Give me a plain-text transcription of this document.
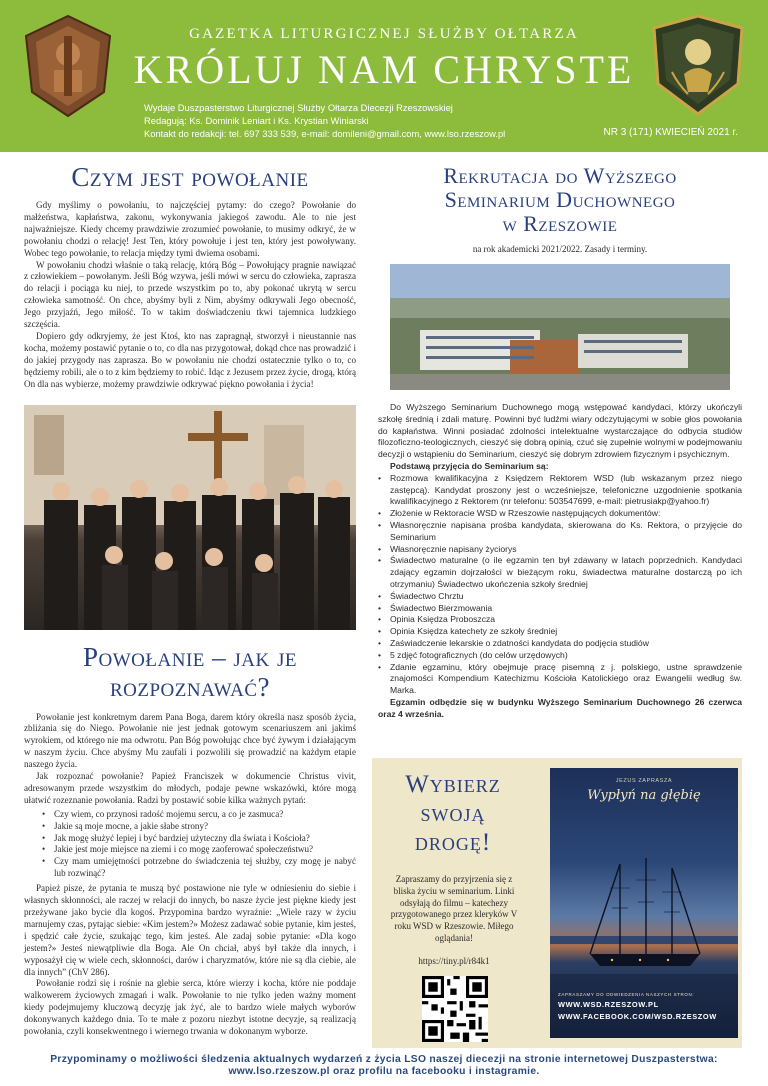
GAZETKA LITURGICZNEJ SŁUŻBY OŁTARZA
KRÓLUJ NAM CHRYSTE
Wydaje Duszpasterstwo Liturgicznej Służby Ołtarza Diecezji Rzeszowskiej
Redagują: Ks. Dominik Leniart i Ks. Krystian Winiarski
Kontakt do redakcji: tel. 697 333 539, e-mail: domileni@gmail.com, www.lso.rzeszow.pl	NR 3 (171) KWIECIEŃ 2021 r.
Czym jest powołanie

Gdy myślimy o powołaniu, to najczęściej pytamy: do czego? Powołanie do małżeństwa, kapłaństwa, zakonu, wykonywania jakiegoś zawodu. Ale to nie jest najważniejsze. Kiedy chcemy prawdziwie zrozumieć powołanie, to musimy odkryć, że w powołaniu chodzi o relację! Jest Ten, który powołuje i jest ten, który jest powoływany. Wobec tego powołanie, to relacja między tymi dwiema osobami.

W powołaniu chodzi właśnie o taką relację, którą Bóg – Powołujący pragnie nawiązać z człowiekiem – powołanym. Jeśli Bóg wzywa, jeśli mówi w sercu do człowieka, zaprasza do relacji i pociąga ku niej, to przede wszystkim po to, aby pokonać ukrytą w sercu człowieka samotność. On chce, abyśmy byli z Nim, abyśmy odkrywali Jego obecność, Jego przyjaźń, Jego miłość. To w takim doświadczeniu tkwi tajemnica ludzkiego szczęścia.

Dopiero gdy odkryjemy, że jest Ktoś, kto nas zapragnął, stworzył i nieustannie nas kocha, możemy postawić pytanie o to, co dla nas przygotował, dokąd chce nas prowadzić i do jakiej przygody nas zaprasza. Bo w powołaniu nie chodzi ostatecznie tylko o to, co będziemy robili, ale o to z kim będziemy to robić. Idąc z Jezusem przez życie, drogą, którą On dla nas wybierze, możemy prawdziwie odkrywać piękno powołania i życia!

Powołanie – jak je rozpoznawać?

Powołanie jest konkretnym darem Pana Boga, darem który określa nasz sposób życia, zbliżania się do Niego. Powołanie nie jest jednak gotowym scenariuszem ani jakimś wyrokiem, od którego nie ma odwrotu. Pan Bóg powołując chce być żywym i działającym w naszym życiu. Chce abyśmy Mu zaufali i pozwolili się prowadzić na każdym etapie naszego życia.

Jak rozpoznać powołanie? Papież Franciszek w dokumencie Christus vivit, adresowanym przede wszystkim do młodych, podaje pewne wskazówki, które mogą ułatwić rozeznanie powołania. Radzi by postawić sobie kilka ważnych pytań:

• Czy wiem, co przynosi radość mojemu sercu, a co je zasmuca?
• Jakie są moje mocne, a jakie słabe strony?
• Jak mogę służyć lepiej i być bardziej użyteczny dla świata i Kościoła?
• Jakie jest moje miejsce na ziemi i co mogę zaoferować społeczeństwu?
• Czy mam umiejętności potrzebne do świadczenia tej służby, czy mogę je nabyć lub rozwinąć?

Papież pisze, że pytania te muszą być postawione nie tyle w odniesieniu do siebie i własnych skłonności, ale raczej w relacji do innych, bo nasze życie jest piękne kiedy jest przeżywane jako bycie dla kogoś. Przypomina bardzo wyraźnie: „Wiele razy w życiu marnujemy czas, pytając siebie: «Kim jestem?» Możesz zadawać sobie pytanie, kim jesteś, i spędzić całe życie, szukając tego, kim jesteś. Ale zadaj sobie pytanie: «Dla kogo jestem?» Jesteś niewątpliwie dla Boga. Ale On chciał, abyś był także dla innych, i wyposażył cię w wiele cech, skłonności, darów i charyzmatów, które nie są dla ciebie, ale dla innych” (ChV 286).

Powołanie rodzi się i rośnie na glebie serca, które wierzy i kocha, które nie poddaje walkowerem życiowych zmagań i walk. Powołanie to nie tylko jeden ważny moment kiedy podejmujemy kluczową decyzję jak żyć, ale to bardzo wiele małych wyborów dokonywanych każdego dnia. To te małe z pozoru niezbyt istotne decyzje, są realizacją powołania, czyli konsekwentnego i wiernego trwania w dokonanym wyborze.

Rekrutacja do Wyższego
Seminarium Duchownego
w Rzeszowie
na rok akademicki 2021/2022. Zasady i terminy.

Do Wyższego Seminarium Duchownego mogą wstępować kandydaci, którzy ukończyli szkołę średnią i zdali maturę. Powinni być ludźmi wiary odczytującymi w sobie głos powołania do kapłaństwa. Winni posiadać zdolności intelektualne wystarczające do odbycia studiów filozoficzno-teologicznych, cieszyć się dobrą opinią, czuć się zupełnie wolnymi w podejmowaniu decyzji o wstąpieniu do Seminarium, cieszyć się dobrym zdrowiem fizycznym i psychicznym.

Podstawą przyjęcia do Seminarium są:

• Rozmowa kwalifikacyjna z Księdzem Rektorem WSD (lub wskazanym przez niego zastępcą). Kandydat proszony jest o wcześniejsze, telefoniczne uzgodnienie spotkania kwalifikacyjnego z Rektorem (nr telefonu: 503547699, e-mail: pietrusiakp@yahoo.fr)
• Złożenie w Rektoracie WSD w Rzeszowie następujących dokumentów:
• Własnoręcznie napisana prośba kandydata, skierowana do Ks. Rektora, o przyjęcie do Seminarium
• Własnoręcznie napisany życiorys
• Świadectwo maturalne (o ile egzamin ten był zdawany w latach poprzednich. Kandydaci zdający egzamin dojrzałości w bieżącym roku, świadectwa maturalne dostarczą po ich otrzymaniu) Świadectwo ukończenia szkoły średniej
• Świadectwo Chrztu
• Świadectwo Bierzmowania
• Opinia Księdza Proboszcza
• Opinia Księdza katechety ze szkoły średniej
• Zaświadczenie lekarskie o zdatności kandydata do podjęcia studiów
• 5 zdjęć fotograficznych (do celów urzędowych)
• Zdanie egzaminu, który obejmuje pracę pisemną z j. polskiego, ustne sprawdzenie znajomości Kompendium Katechizmu Kościoła Katolickiego oraz Ewangelii według św. Marka.

Egzamin odbędzie się w budynku Wyższego Seminarium Duchownego 26 czerwca oraz 4 września.

Wybierz
swoją
drogę!
Zapraszamy do przyjrzenia się z bliska życiu w seminarium. Linki odsyłają do filmu – katechezy przygotowanego przez kleryków V roku WSD w Rzeszowie. Miłego oglądania!
https://tiny.pl/r84k1
JEZUS ZAPRASZA
Wypłyń na głębię
ZAPRASZAMY DO ODWIEDZENIA NASZYCH STRON:
WWW.WSD.RZESZOW.PL
WWW.FACEBOOK.COM/WSD.RZESZOW
Przypominamy o możliwości śledzenia aktualnych wydarzeń z życia LSO naszej diecezji na stronie internetowej Duszpasterstwa:
www.lso.rzeszow.pl oraz profilu na facebooku i instagramie.
